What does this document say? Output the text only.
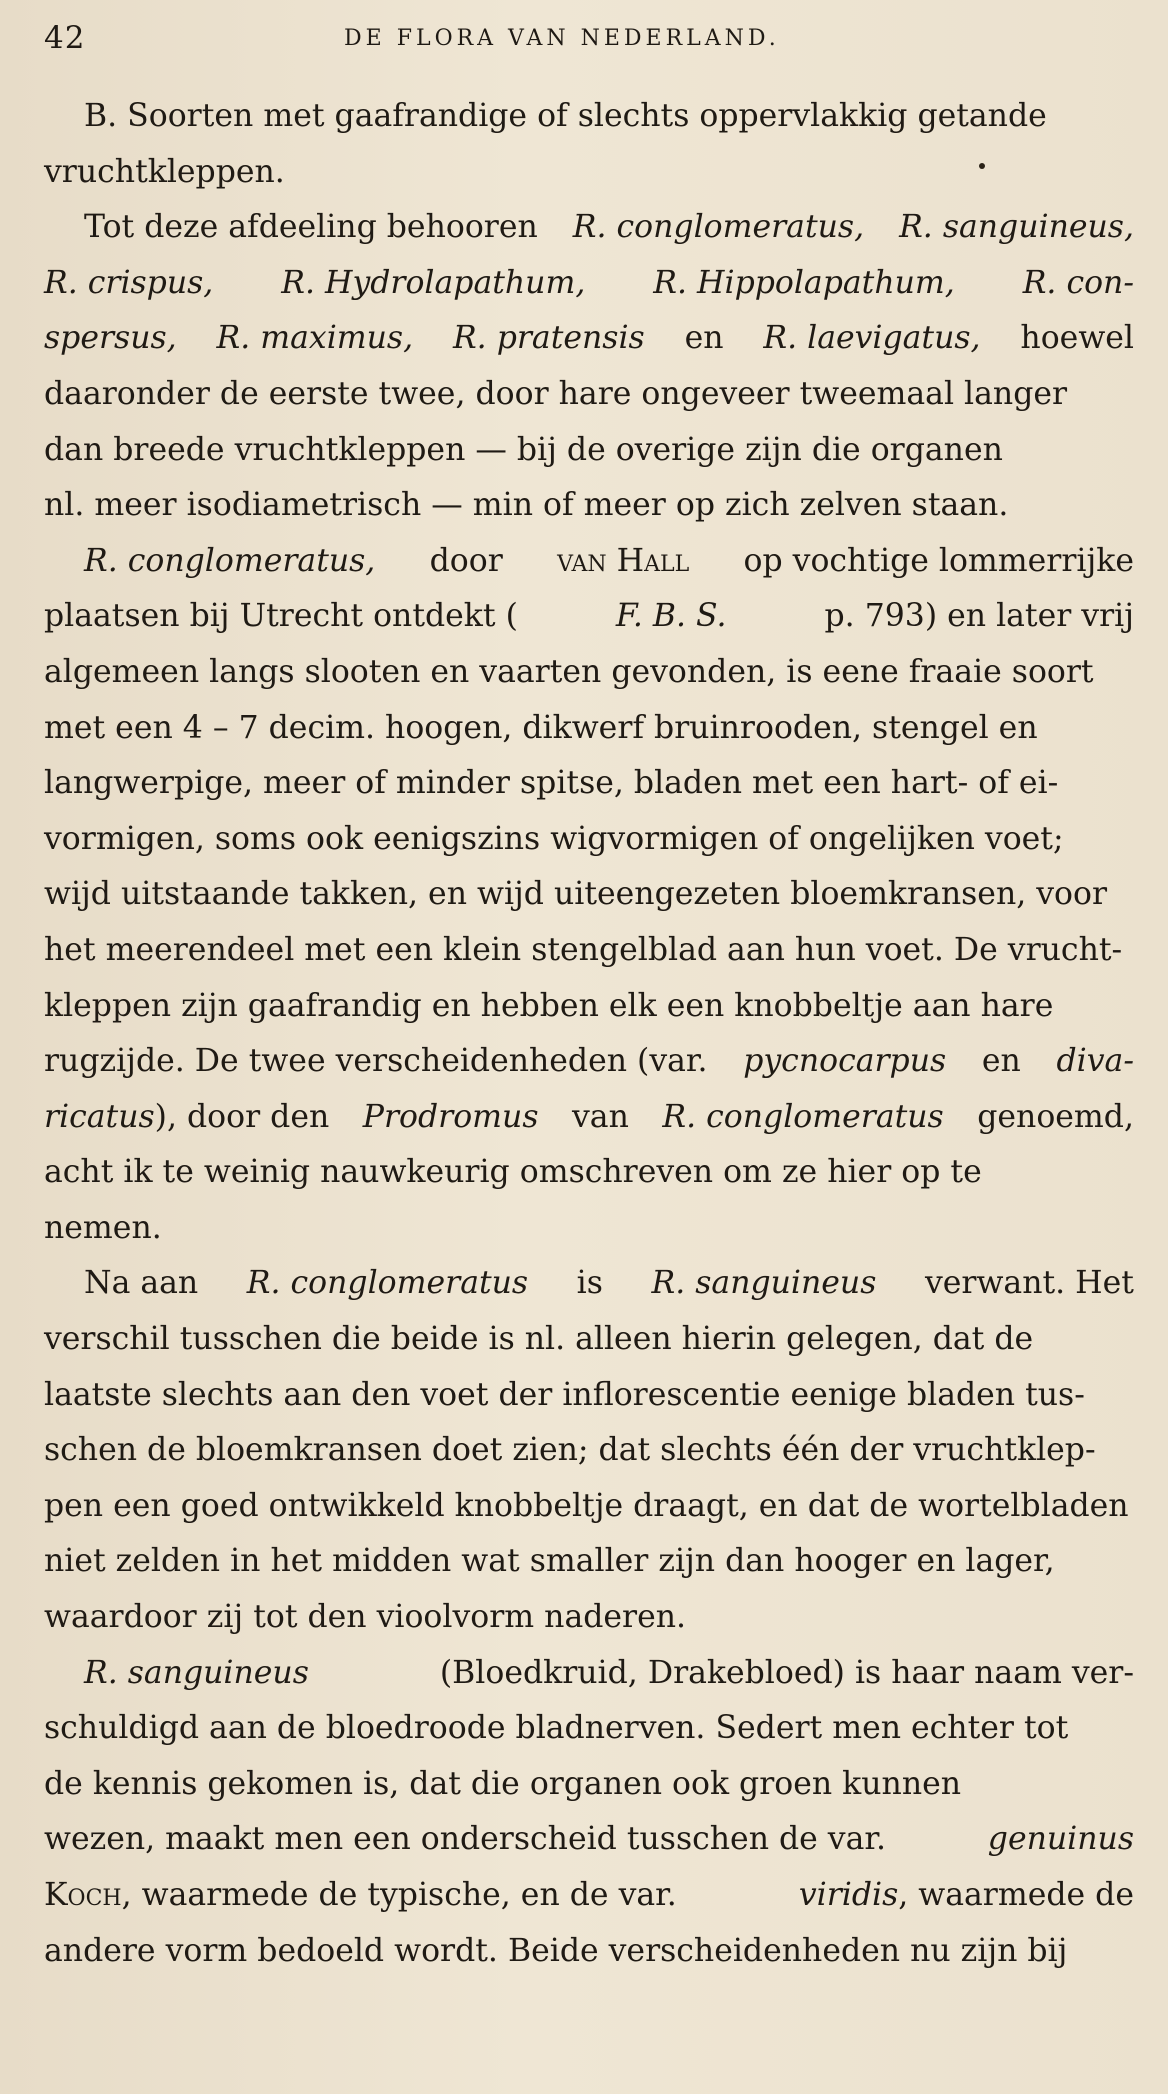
42	DE FLORA VAN NEDERLAND.
B. Soorten met gaafrandige of slechts oppervlakkig getande
vruchtkleppen.
Tot deze afdeeling behooren R. conglomeratus, R. sanguineus,
R. crispus, R. Hydrolapathum, R. Hippolapathum, R. con-
spersus, R. maximus, R. pratensis en R. laevigatus, hoewel
daaronder de eerste twee, door hare ongeveer tweemaal langer
dan breede vruchtkleppen — bij de overige zijn die organen
nl. meer isodiametrisch — min of meer op zich zelven staan.
R. conglomeratus, door van Hall op vochtige lommerrijke
plaatsen bij Utrecht ontdekt (	F. B. S.	p. 793) en later vrij
algemeen langs slooten en vaarten gevonden, is eene fraaie soort
met een 4 – 7 decim. hoogen, dikwerf bruinrooden, stengel en
langwerpige, meer of minder spitse, bladen met een hart- of ei-
vormigen, soms ook eenigszins wigvormigen of ongelijken voet;
wijd uitstaande takken, en wijd uiteengezeten bloemkransen, voor
het meerendeel met een klein stengelblad aan hun voet. De vrucht-
kleppen zijn gaafrandig en hebben elk een knobbeltje aan hare
rugzijde. De twee verscheidenheden (var. pycnocarpus en diva-
ricatus), door den Prodromus van R. conglomeratus genoemd,
acht ik te weinig nauwkeurig omschreven om ze hier op te
nemen.
Na aan R. conglomeratus is R. sanguineus verwant. Het
verschil tusschen die beide is nl. alleen hierin gelegen, dat de
laatste slechts aan den voet der inflorescentie eenige bladen tus-
schen de bloemkransen doet zien; dat slechts één der vruchtklep-
pen een goed ontwikkeld knobbeltje draagt, en dat de wortelbladen
niet zelden in het midden wat smaller zijn dan hooger en lager,
waardoor zij tot den vioolvorm naderen.
R. sanguineus	(Bloedkruid, Drakebloed) is haar naam ver-
schuldigd aan de bloedroode bladnerven. Sedert men echter tot
de kennis gekomen is, dat die organen ook groen kunnen
wezen, maakt men een onderscheid tusschen de var.	genuinus
Koch, waarmede de typische, en de var.	viridis, waarmede de
andere vorm bedoeld wordt. Beide verscheidenheden nu zijn bij
